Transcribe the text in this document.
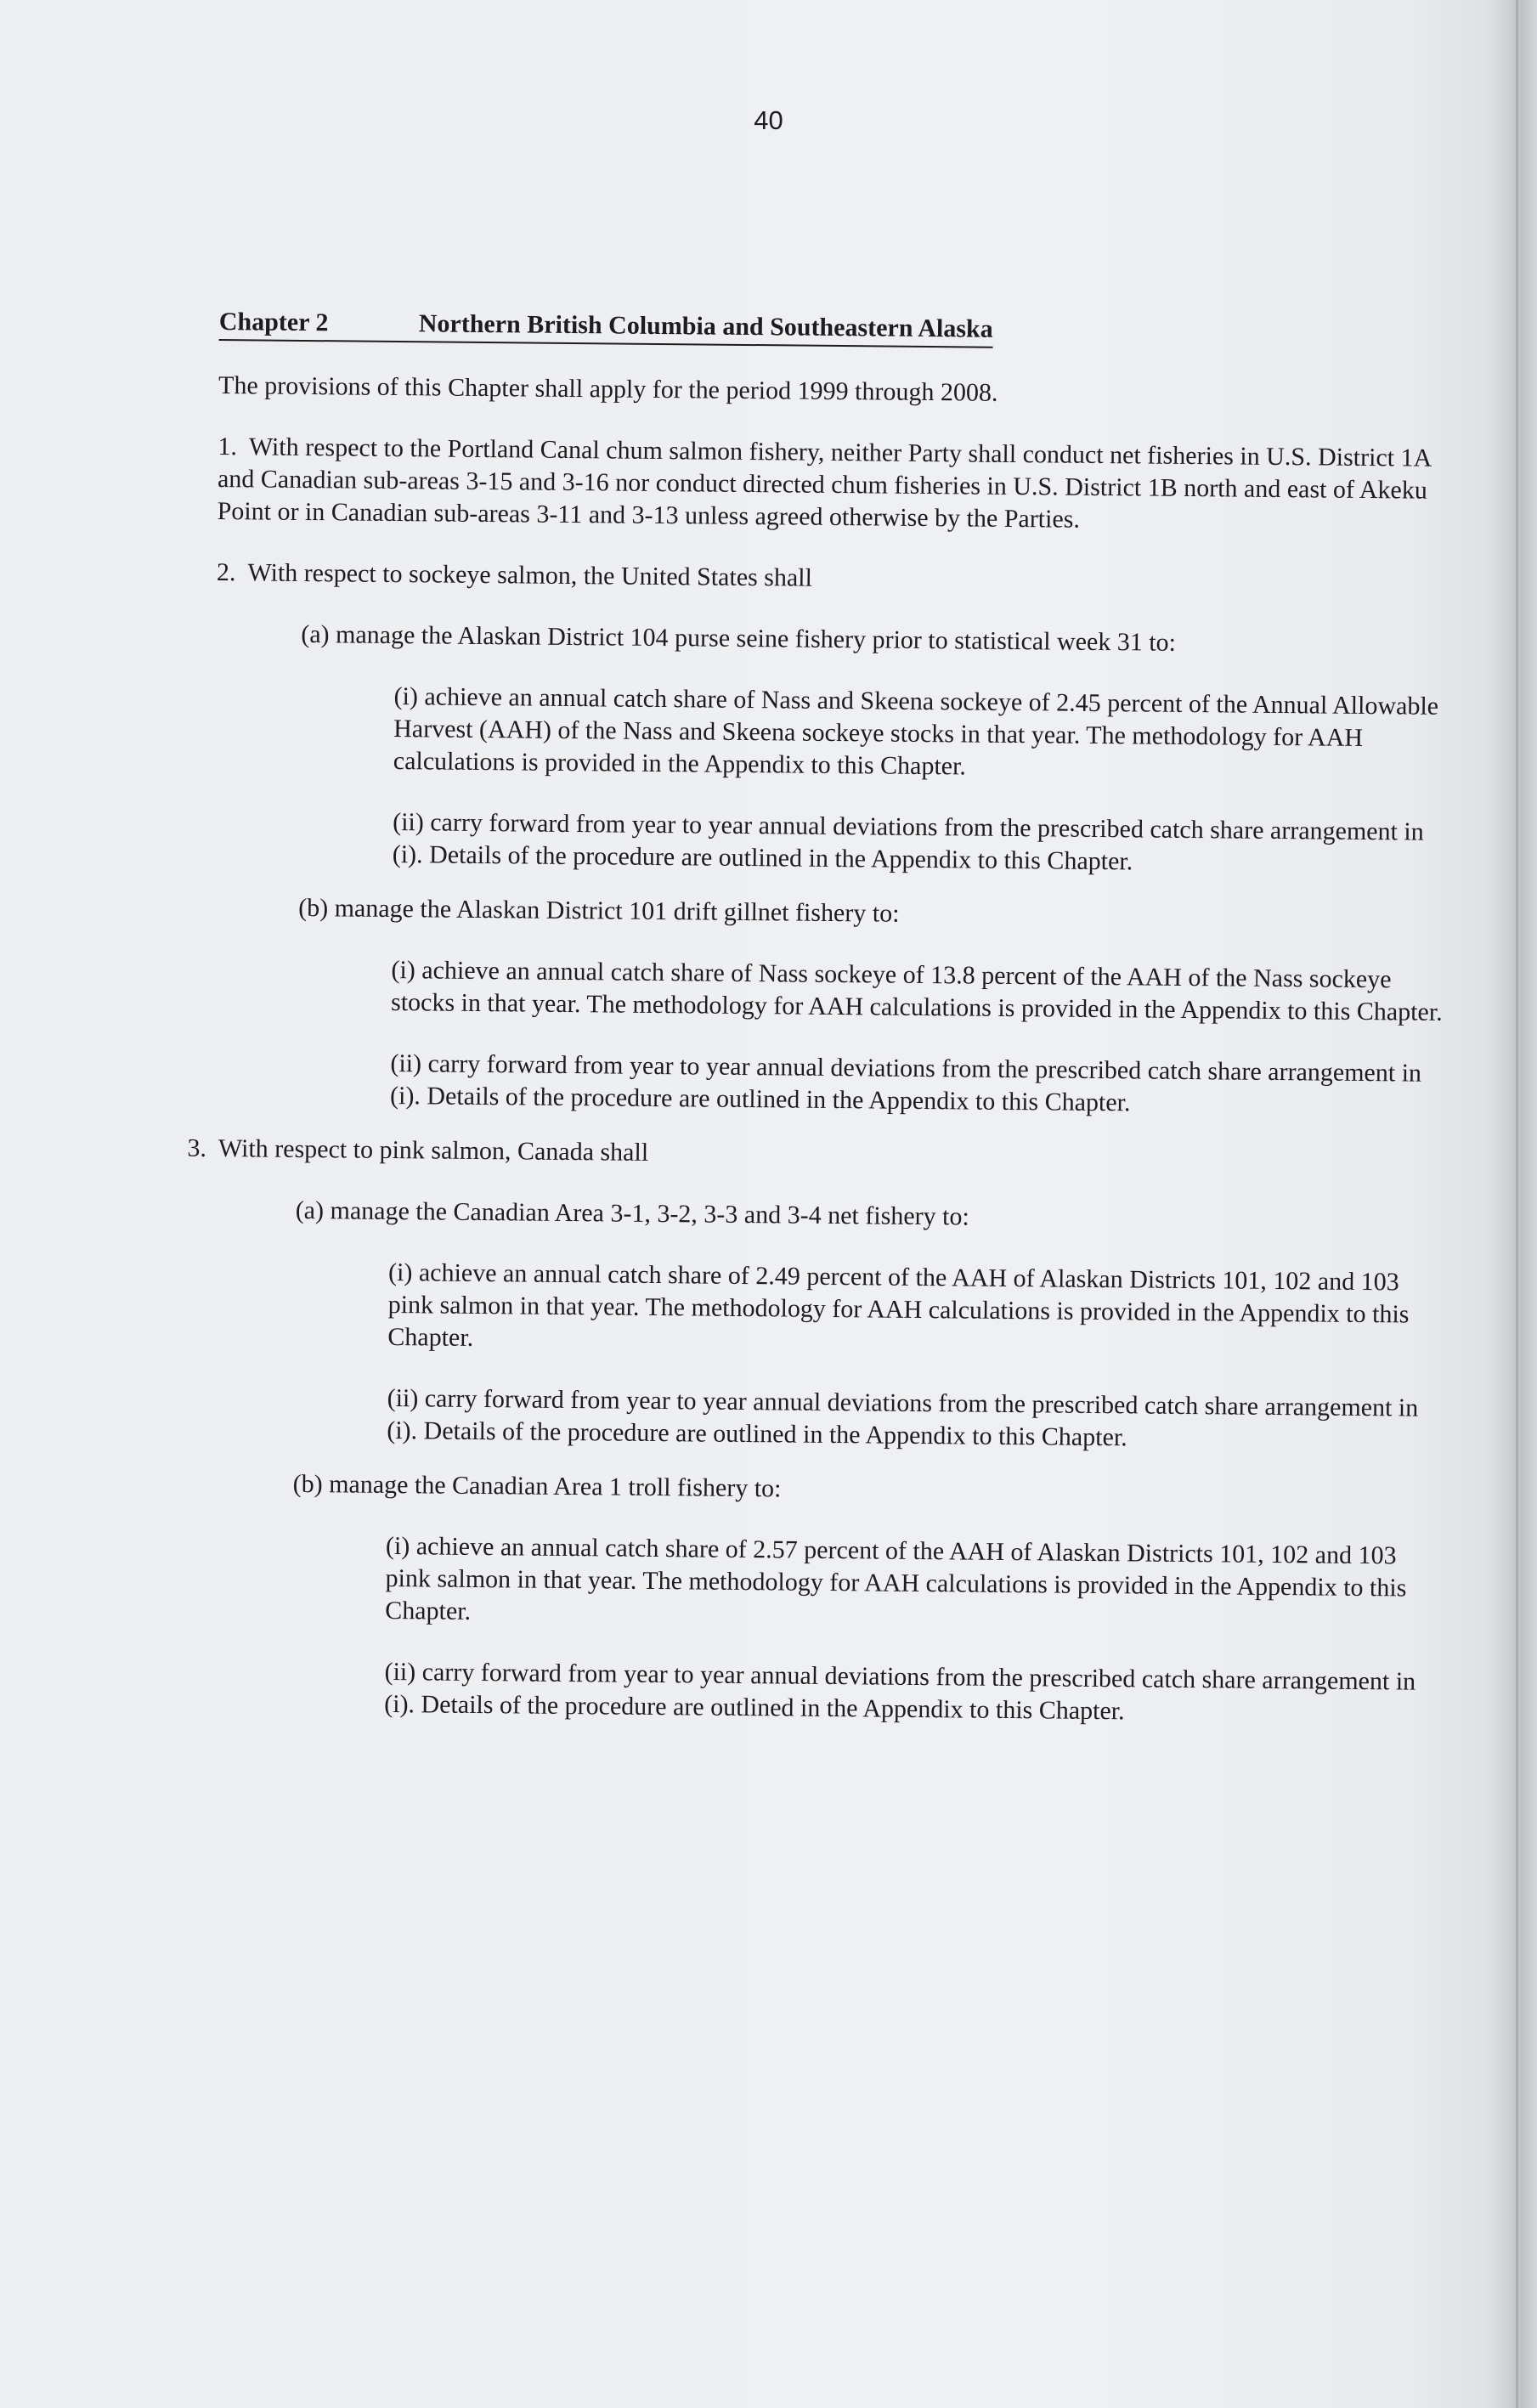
40
Chapter 2	Northern British Columbia and Southeastern Alaska

The provisions of this Chapter shall apply for the period 1999 through 2008.

1. With respect to the Portland Canal chum salmon fishery, neither Party shall conduct net fisheries in U.S. District 1A and Canadian sub-areas 3-15 and 3-16 nor conduct directed chum fisheries in U.S. District 1B north and east of Akeku Point or in Canadian sub-areas 3-11 and 3-13 unless agreed otherwise by the Parties.

2. With respect to sockeye salmon, the United States shall

(a) manage the Alaskan District 104 purse seine fishery prior to statistical week 31 to:

(i) achieve an annual catch share of Nass and Skeena sockeye of 2.45 percent of the Annual Allowable Harvest (AAH) of the Nass and Skeena sockeye stocks in that year. The methodology for AAH calculations is provided in the Appendix to this Chapter.

(ii) carry forward from year to year annual deviations from the prescribed catch share arrangement in (i). Details of the procedure are outlined in the Appendix to this Chapter.

(b) manage the Alaskan District 101 drift gillnet fishery to:

(i) achieve an annual catch share of Nass sockeye of 13.8 percent of the AAH of the Nass sockeye stocks in that year. The methodology for AAH calculations is provided in the Appendix to this Chapter.

(ii) carry forward from year to year annual deviations from the prescribed catch share arrangement in (i). Details of the procedure are outlined in the Appendix to this Chapter.

3. With respect to pink salmon, Canada shall

(a) manage the Canadian Area 3-1, 3-2, 3-3 and 3-4 net fishery to:

(i) achieve an annual catch share of 2.49 percent of the AAH of Alaskan Districts 101, 102 and 103 pink salmon in that year. The methodology for AAH calculations is provided in the Appendix to this Chapter.

(ii) carry forward from year to year annual deviations from the prescribed catch share arrangement in (i). Details of the procedure are outlined in the Appendix to this Chapter.

(b) manage the Canadian Area 1 troll fishery to:

(i) achieve an annual catch share of 2.57 percent of the AAH of Alaskan Districts 101, 102 and 103 pink salmon in that year. The methodology for AAH calculations is provided in the Appendix to this Chapter.

(ii) carry forward from year to year annual deviations from the prescribed catch share arrangement in (i). Details of the procedure are outlined in the Appendix to this Chapter.
